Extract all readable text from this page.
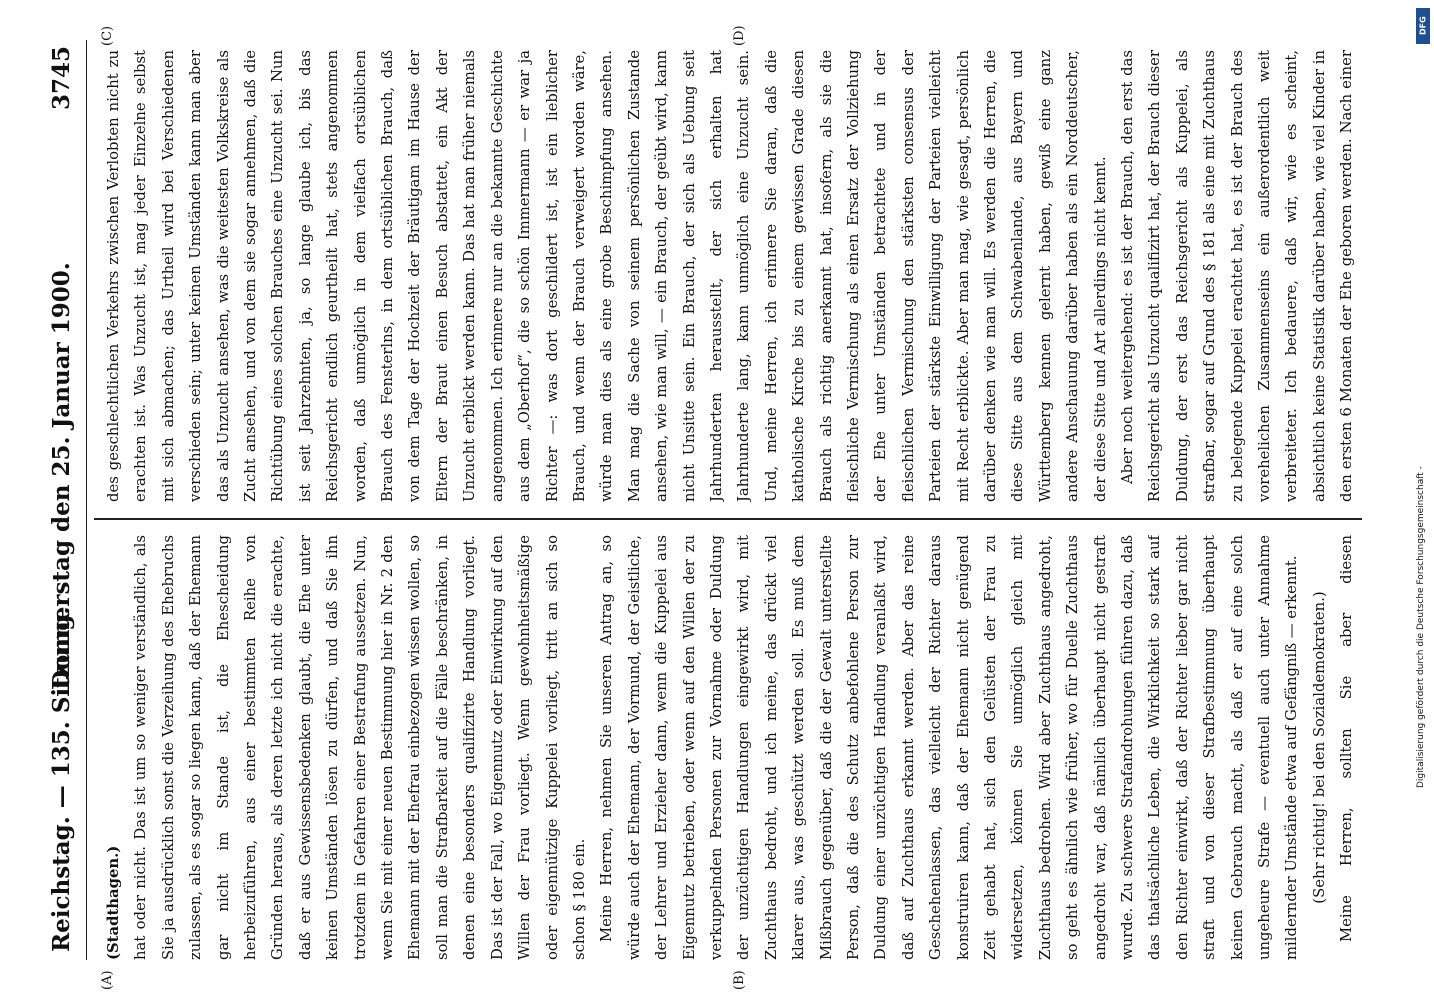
DFG
Digitalisierung gefördert durch die Deutsche Forschungsgemeinschaft -
Reichstag. — 135. Sitzung.
Donnerstag den 25. Januar 1900.
3745
(A)	(B)
(C)	(D)

(Stadthagen.) hat oder nicht. Das ist um so weniger verständlich, als Sie ja ausdrücklich sonst die Verzeihung des Ehebruchs zulassen, als es sogar so liegen kann, daß der Ehemann gar nicht im Stande ist, die Ehescheidung herbeizuführen, aus einer bestimmten Reihe von Gründen heraus, als deren letzte ich nicht die erachte, daß er aus Gewissensbedenken glaubt, die Ehe unter keinen Umständen lösen zu dürfen, und daß Sie ihn trotzdem in Gefahren einer Bestrafung aussetzen. Nun, wenn Sie mit einer neuen Bestimmung hier in Nr. 2 den Ehemann mit der Ehefrau einbezogen wissen wollen, so soll man die Strafbarkeit auf die Fälle beschränken, in denen eine besonders qualifizirte Handlung vorliegt. Das ist der Fall, wo Eigennutz oder Einwirkung auf den Willen der Frau vorliegt. Wenn gewohnheitsmäßige oder eigennützige Kuppelei vorliegt, tritt an sich so schon § 180 ein. Meine Herren, nehmen Sie unseren Antrag an, so würde auch der Ehemann, der Vormund, der Geistliche, der Lehrer und Erzieher dann, wenn die Kuppelei aus Eigennutz betrieben, oder wenn auf den Willen der zu verkuppelnden Personen zur Vornahme oder Duldung der unzüchtigen Handlungen eingewirkt wird, mit Zuchthaus bedroht, und ich meine, das drückt viel klarer aus, was geschützt werden soll. Es muß dem Mißbrauch gegenüber, daß die der Gewalt unterstellte Person, daß die des Schutz anbefohlene Person zur Duldung einer unzüchtigen Handlung veranlaßt wird, daß auf Zuchthaus erkannt werden. Aber das reine Geschehenlassen, das vielleicht der Richter daraus konstruiren kann, daß der Ehemann nicht genügend Zeit gehabt hat, sich den Gelüsten der Frau zu widersetzen, können Sie unmöglich gleich mit Zuchthaus bedrohen. Wird aber Zuchthaus angedroht, so geht es ähnlich wie früher, wo für Duelle Zuchthaus angedroht war, daß nämlich überhaupt nicht gestraft wurde. Zu schwere Strafandrohungen führen dazu, daß das thatsächliche Leben, die Wirklichkeit so stark auf den Richter einwirkt, daß der Richter lieber gar nicht straft und von dieser Strafbestimmung überhaupt keinen Gebrauch macht, als daß er auf eine solch ungeheure Strafe — eventuell auch unter Annahme mildernder Umstände etwa auf Gefängniß — erkennt. (Sehr richtig! bei den Sozialdemokraten.)

Meine Herren, sollten Sie aber diesen

des geschlechtlichen Verkehrs zwischen Verlobten nicht zu erachten ist. Was Unzucht ist, mag jeder Einzelne selbst mit sich abmachen; das Urtheil wird bei Verschiedenen verschieden sein; unter keinen Umständen kann man aber das als Unzucht ansehen, was die weitesten Volkskreise als Zucht ansehen, und von dem sie sogar annehmen, daß die Richtübung eines solchen Brauches eine Unzucht sei. Nun ist seit Jahrzehnten, ja, so lange glaube ich, bis das Reichsgericht endlich geurtheilt hat, stets angenommen worden, daß unmöglich in dem vielfach ortsüblichen Brauch des Fensterlns, in dem ortsüblichen Brauch, daß von dem Tage der Hochzeit der Bräutigam im Hause der Eltern der Braut einen Besuch abstattet, ein Akt der Unzucht erblickt werden kann. Das hat man früher niemals angenommen. Ich erinnere nur an die bekannte Geschichte aus dem „Oberhof“, die so schön Immermann — er war ja Richter —: was dort geschildert ist, ist ein lieblicher Brauch, und wenn der Brauch verweigert worden wäre, würde man dies als eine grobe Beschimpfung ansehen. Man mag die Sache von seinem persönlichen Zustande ansehen, wie man will, — ein Brauch, der geübt wird, kann nicht Unsitte sein. Ein Brauch, der sich als Uebung seit Jahrhunderten herausstellt, der sich erhalten hat Jahrhunderte lang, kann unmöglich eine Unzucht sein. Und, meine Herren, ich erinnere Sie daran, daß die katholische Kirche bis zu einem gewissen Grade diesen Brauch als richtig anerkannt hat, insofern, als sie die fleischliche Vermischung als einen Ersatz der Vollziehung der Ehe unter Umständen betrachtete und in der fleischlichen Vermischung den stärksten consensus der Parteien der stärkste Einwilligung der Parteien vielleicht mit Recht erblickte. Aber man mag, wie gesagt, persönlich darüber denken wie man will. Es werden die Herren, die diese Sitte aus dem Schwabenlande, aus Bayern und Württemberg kennen gelernt haben, gewiß eine ganz andere Anschauung darüber haben als ein Norddeutscher, der diese Sitte und Art allerdings nicht kennt. Aber noch weitergehend: es ist der Brauch, den erst das Reichsgericht als Unzucht qualifizirt hat, der Brauch dieser Duldung, der erst das Reichsgericht als Kuppelei, als strafbar, sogar auf Grund des § 181 als eine mit Zuchthaus zu belegende Kuppelei erachtet hat, es ist der Brauch des vorehelichen Zusammenseins ein außerordentlich weit verbreiteter. Ich bedauere, daß wir, wie es scheint, absichtlich keine Statistik darüber haben, wie viel Kinder in den ersten 6 Monaten der Ehe geboren werden. Nach einer
